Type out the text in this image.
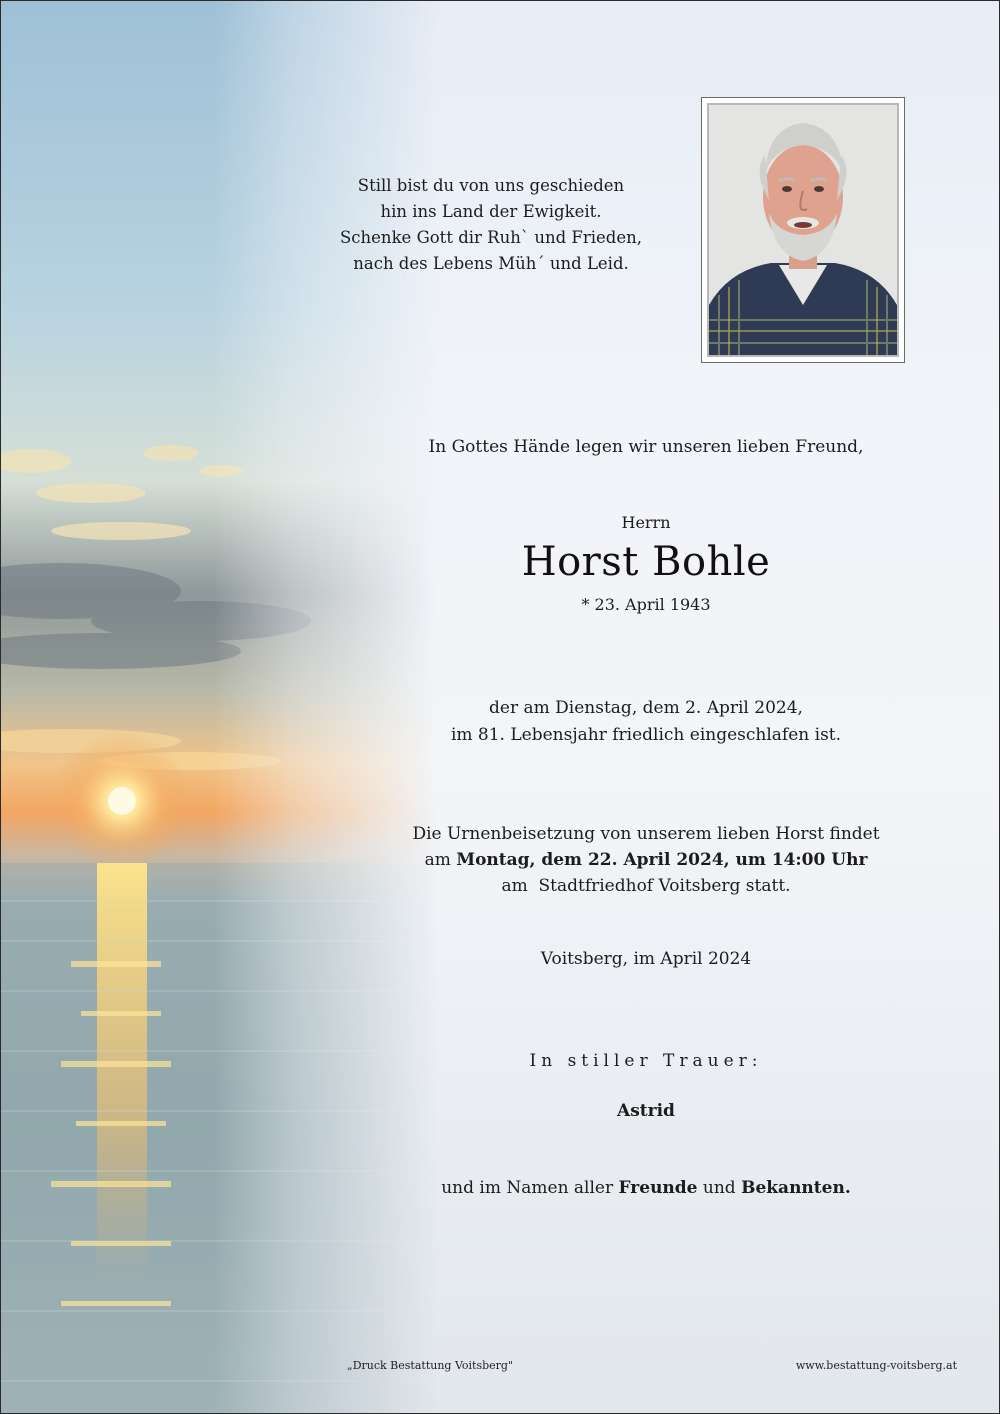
Still bist du von uns geschieden
hin ins Land der Ewigkeit.
Schenke Gott dir Ruh` und Frieden,
nach des Lebens Müh´ und Leid.
In Gottes Hände legen wir unseren lieben Freund,
Herrn
Horst Bohle
* 23. April 1943
der am Dienstag, dem 2. April 2024,
im 81. Lebensjahr friedlich eingeschlafen ist.
Die Urnenbeisetzung von unserem lieben Horst findet
am Montag, dem 22. April 2024, um 14:00 Uhr
am  Stadtfriedhof Voitsberg statt.
Voitsberg, im April 2024
In stiller Trauer:
Astrid
und im Namen aller Freunde und Bekannten.
„Druck Bestattung Voitsberg"	www.bestattung-voitsberg.at
